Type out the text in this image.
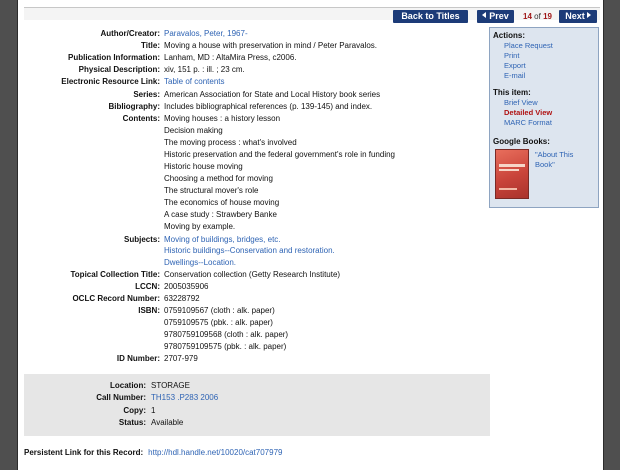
Back to Titles	Prev	14 of 19	Next
Author/Creator: Paravalos, Peter, 1967-
Title: Moving a house with preservation in mind / Peter Paravalos.
Publication Information: Lanham, MD : AltaMira Press, c2006.
Physical Description: xiv, 151 p. : ill. ; 23 cm.
Electronic Resource Link: Table of contents
Series: American Association for State and Local History book series
Bibliography: Includes bibliographical references (p. 139-145) and index.
Contents: Moving houses : a history lesson
Decision making
The moving process : what's involved
Historic preservation and the federal government's role in funding
Historic house moving
Choosing a method for moving
The structural mover's role
The economics of house moving
A case study : Strawbery Banke
Moving by example.
Subjects: Moving of buildings, bridges, etc.
Historic buildings--Conservation and restoration.
Dwellings--Location.
Topical Collection Title: Conservation collection (Getty Research Institute)
LCCN: 2005035906
OCLC Record Number: 63228792
ISBN: 0759109567 (cloth : alk. paper)
0759109575 (pbk. : alk. paper)
9780759109568 (cloth : alk. paper)
9780759109575 (pbk. : alk. paper)
ID Number: 2707-979
Location: STORAGE
Call Number: TH153 .P283 2006
Copy: 1
Status: Available
Persistent Link for this Record: http://hdl.handle.net/10020/cat707979
Actions:
Place Request
Print
Export
E-mail
This item:
Brief View
Detailed View
MARC Format
Google Books:
"About This Book"
